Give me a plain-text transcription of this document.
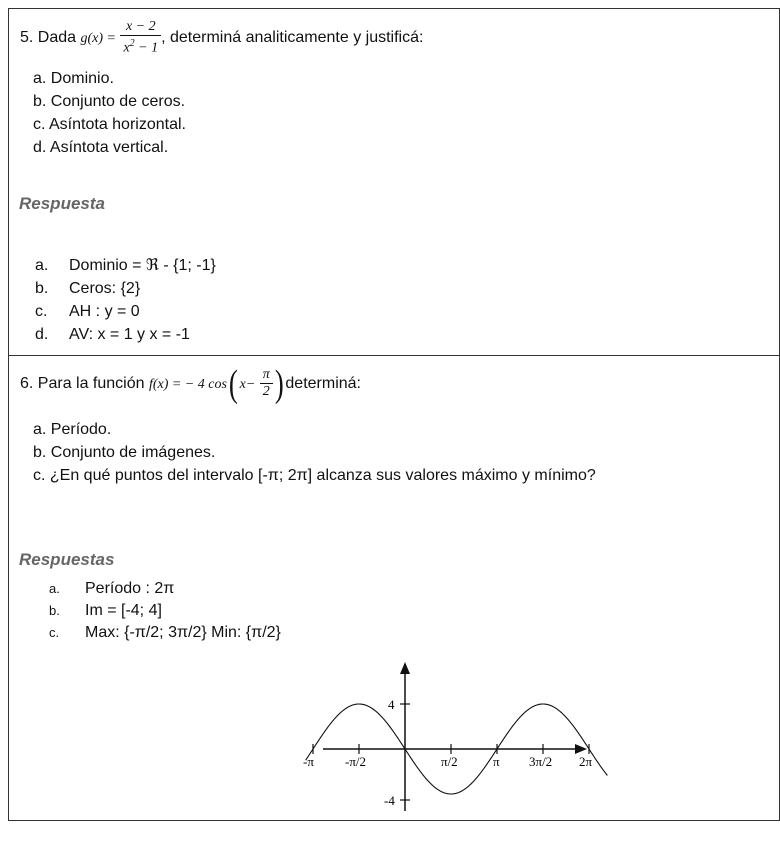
5. Dada $g(x) = \frac{x - 2}{x^2 - 1}$ , determiná analiticamente y justificá:
a. Dominio.
b. Conjunto de ceros.
c. Asíntota horizontal.
d. Asíntota vertical.
Respuesta
a. Dominio = ℜ - {1; -1}
b. Ceros: {2}
c. AH : y = 0
d. AV: x = 1 y x = -1
6. Para la función f(x) = − 4 cos( $x- \frac{\pi}{2}$ ) determiná:
a. Período.
b. Conjunto de imágenes.
c. ¿En qué puntos del intervalo [-π; 2π] alcanza sus valores máximo y mínimo?
Respuestas
a. Período : 2π
b. Im = [-4; 4]
c. Max: {-π/2; 3π/2} Min: {π/2}
4
-4
-π -π/2	π/2	π 3π/2 2π
